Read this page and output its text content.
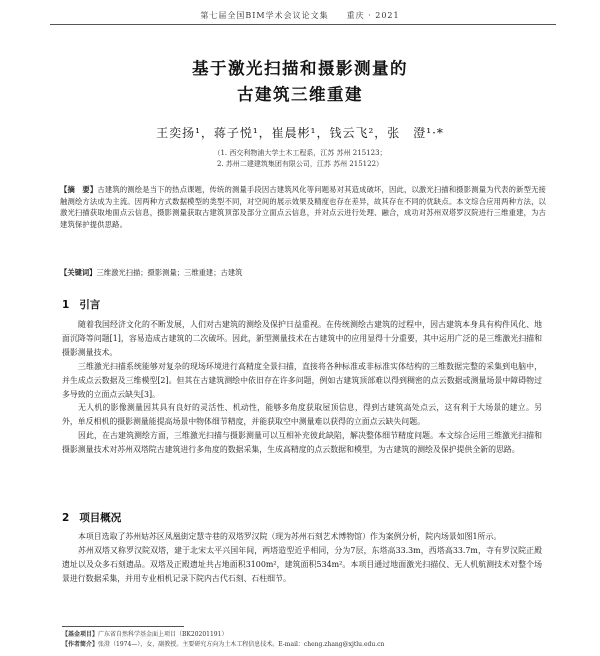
第七届全国BIM学术会议论文集　　重庆 · 2021
基于激光扫描和摄影测量的
古建筑三维重建
王奕扬¹，蒋子悦¹，崔晨彬¹，钱云飞²，张　澄¹·*
（1. 西交利物浦大学土木工程系，江苏 苏州 215123；
2. 苏州二建建筑集团有限公司，江苏 苏州 215122）
【摘　要】古建筑的测绘是当下的热点课题，传统的测量手段因古建筑风化等问题易对其造成破坏，因此，以激光扫描和摄影测量为代表的新型无接触测绘方法成为主流。因两种方式数据模型的类型不同，对空间的展示效果及精度也存在差异，故其存在不同的优缺点。本文综合应用两种方法，以激光扫描获取地面点云信息，摄影测量获取古建筑顶部及部分立面点云信息，并对点云进行处理、融合，成功对苏州双塔罗汉院进行三维重建，为古建筑保护提供思路。
【关键词】三维激光扫描；摄影测量；三维重建；古建筑
1 引言

随着我国经济文化的不断发展，人们对古建筑的测绘及保护日益重视。在传统测绘古建筑的过程中，因古建筑本身具有构件风化、地面沉降等问题[1]，容易造成古建筑的二次破坏。因此，新型测量技术在古建筑中的应用显得十分重要，其中运用广泛的是三维激光扫描和摄影测量技术。

三维激光扫描系统能够对复杂的现场环境进行高精度全景扫描，直接将各种标准或非标准实体结构的三维数据完整的采集到电脑中，并生成点云数据及三维模型[2]。但其在古建筑测绘中依旧存在许多问题，例如古建筑顶部难以得到稠密的点云数据或测量场景中障碍物过多导致的立面点云缺失[3]。

无人机的影像测量因其具有良好的灵活性、机动性，能够多角度获取屋顶信息，得到古建筑高处点云，这有利于大场景的建立。另外，单反相机的摄影测量能提高场景中物体细节精度，并能获取空中测量难以获得的立面点云缺失问题。

因此，在古建筑测绘方面，三维激光扫描与摄影测量可以互相补充彼此缺陷，解决整体细节精度问题。本文综合运用三维激光扫描和摄影测量技术对苏州双塔院古建筑进行多角度的数据采集，生成高精度的点云数据和模型，为古建筑的测绘及保护提供全新的思路。

2 项目概况

本项目选取了苏州姑苏区凤凰街定慧寺巷的双塔罗汉院（现为苏州石刻艺术博物馆）作为案例分析，院内场景如图1所示。

苏州双塔又称罗汉院双塔，建于北宋太平兴国年间，两塔造型近乎相同，分为7层，东塔高33.3m，西塔高33.7m，寺有罗汉院正殿遗址以及众多石刻遗品。双塔及正殿遗址共占地面积3100m²，建筑面积534m²。本项目通过地面激光扫描仪、无人机航测技术对整个场景进行数据采集，并用专业相机记录下院内古代石刻、石柱细节。

【基金项目】广东省自然科学基金面上项目（BK20201191）
【作者简介】张澄（1974—），女，副教授。主要研究方向为土木工程信息技术。E-mail：cheng.zhang@xjtlu.edu.cn
